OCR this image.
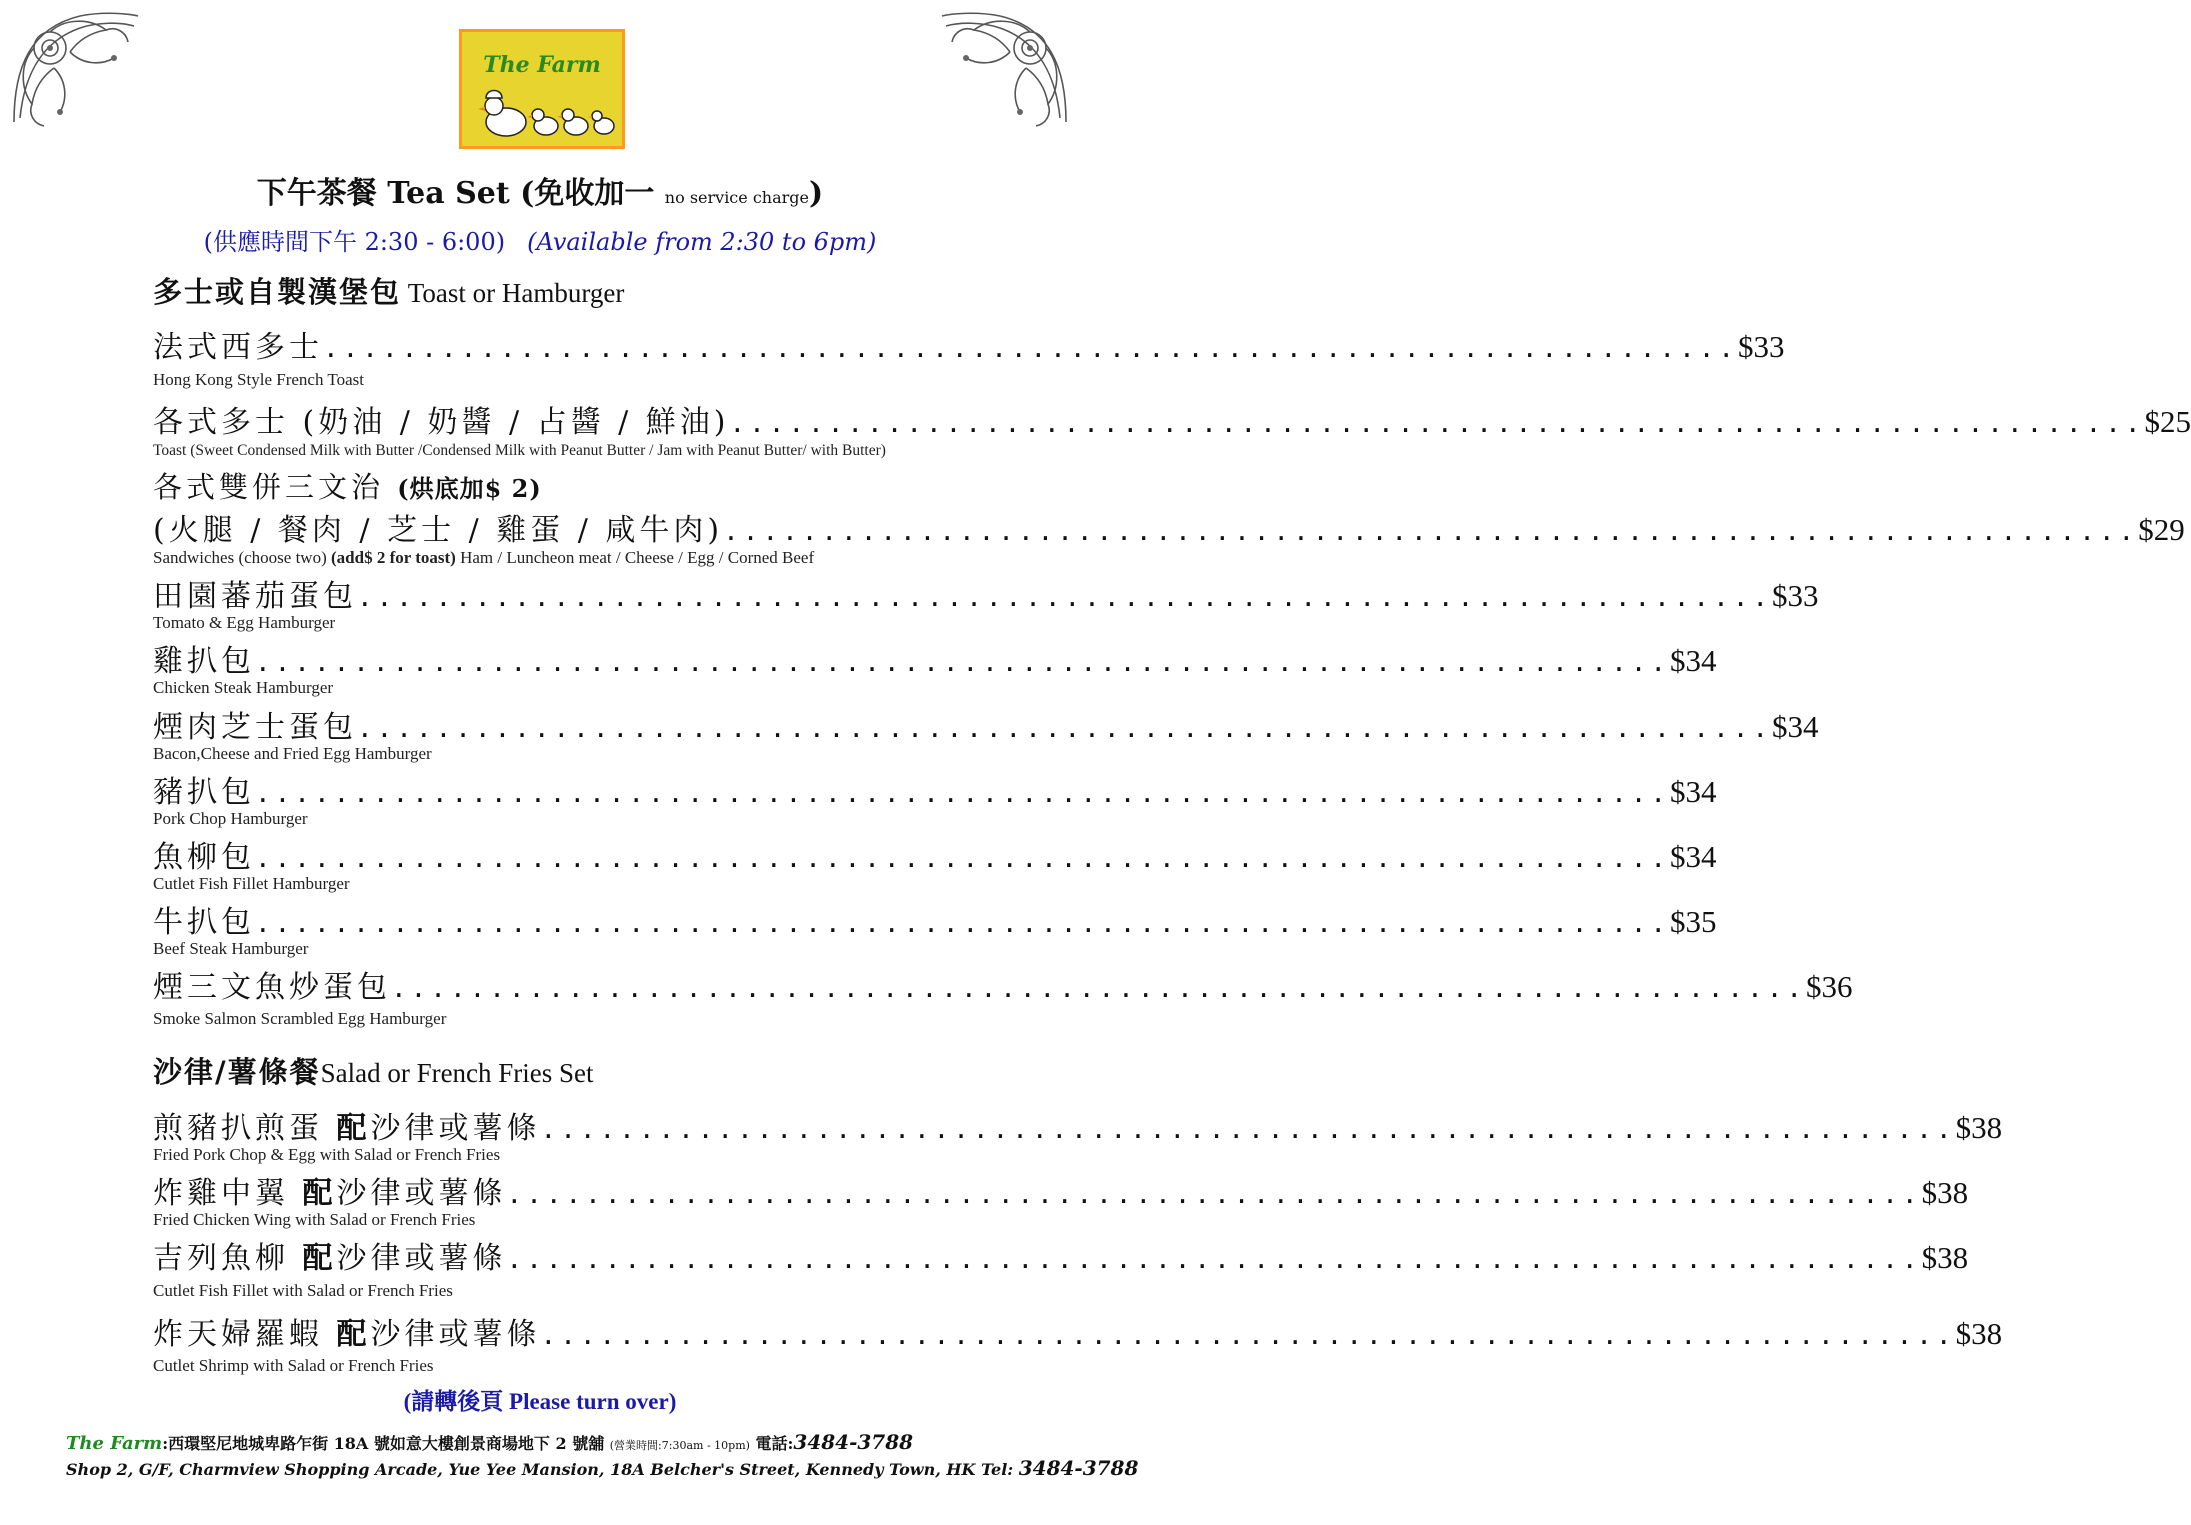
The Farm
下午茶餐 Tea Set (免收加一 no service charge)
(供應時間下午 2:30 - 6:00) (Available from 2:30 to 6pm)
多士或自製漢堡包 Toast or Hamburger
法式西多士 ........................................................................ $33
Hong Kong Style French Toast
各式多士 (奶油 / 奶醬 / 占醬 / 鮮油) ........................................................................ $25
Toast (Sweet Condensed Milk with Butter /Condensed Milk with Peanut Butter / Jam with Peanut Butter/ with Butter)
各式雙併三文治 (烘底加$ 2)
(火腿 / 餐肉 / 芝士 / 雞蛋 / 咸牛肉) ........................................................................ $29
Sandwiches (choose two) (add$ 2 for toast) Ham / Luncheon meat / Cheese / Egg / Corned Beef
田園蕃茄蛋包 ........................................................................ $33
Tomato & Egg Hamburger
雞扒包 ........................................................................ $34
Chicken Steak Hamburger
煙肉芝士蛋包 ........................................................................ $34
Bacon,Cheese and Fried Egg Hamburger
豬扒包 ........................................................................ $34
Pork Chop Hamburger
魚柳包 ........................................................................ $34
Cutlet Fish Fillet Hamburger
牛扒包 ........................................................................ $35
Beef Steak Hamburger
煙三文魚炒蛋包 ........................................................................ $36
Smoke Salmon Scrambled Egg Hamburger
沙律/薯條餐Salad or French Fries Set
煎豬扒煎蛋 配沙律或薯條 ........................................................................ $38
Fried Pork Chop & Egg with Salad or French Fries
炸雞中翼 配沙律或薯條 ........................................................................ $38
Fried Chicken Wing with Salad or French Fries
吉列魚柳 配沙律或薯條 ........................................................................ $38
Cutlet Fish Fillet with Salad or French Fries
炸天婦羅蝦 配沙律或薯條 ........................................................................ $38
Cutlet Shrimp with Salad or French Fries
(請轉後頁 Please turn over)
The Farm:西環堅尼地城卑路乍街 18A 號如意大樓創景商場地下 2 號舖 (營業時間:7:30am - 10pm) 電話:3484-3788
Shop 2, G/F, Charmview Shopping Arcade, Yue Yee Mansion, 18A Belcher's Street, Kennedy Town, HK Tel: 3484-3788
